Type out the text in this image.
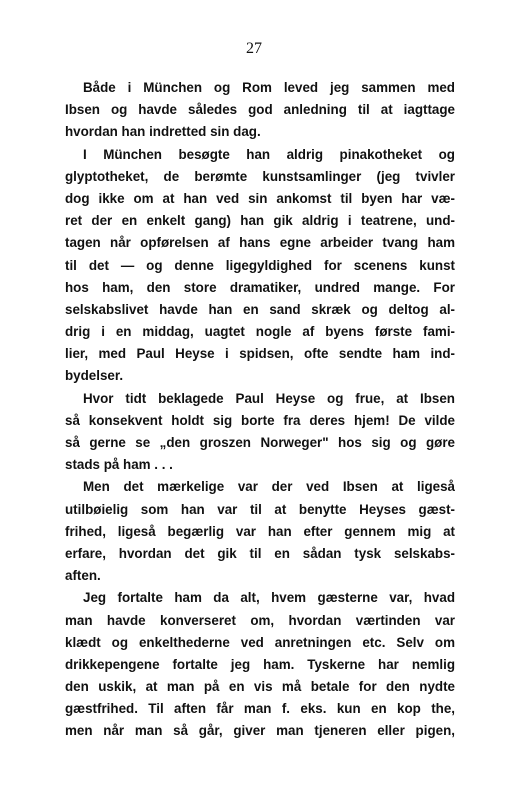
27
Både i München og Rom leved jeg sammen med
Ibsen og havde således god anledning til at iagttage
hvordan han indretted sin dag.
I München besøgte han aldrig pinakotheket og
glyptotheket, de berømte kunstsamlinger (jeg tvivler
dog ikke om at han ved sin ankomst til byen har væ-
ret der en enkelt gang) han gik aldrig i teatrene, und-
tagen når opførelsen af hans egne arbeider tvang ham
til det — og denne ligegyldighed for scenens kunst
hos ham, den store dramatiker, undred mange. For
selskabslivet havde han en sand skræk og deltog al-
drig i en middag, uagtet nogle af byens første fami-
lier, med Paul Heyse i spidsen, ofte sendte ham ind-
bydelser.
Hvor tidt beklagede Paul Heyse og frue, at Ibsen
så konsekvent holdt sig borte fra deres hjem! De vilde
så gerne se „den groszen Norweger" hos sig og gøre
stads på ham . . .
Men det mærkelige var der ved Ibsen at ligeså
utilbøielig som han var til at benytte Heyses gæst-
frihed, ligeså begærlig var han efter gennem mig at
erfare, hvordan det gik til en sådan tysk selskabs-
aften.
Jeg fortalte ham da alt, hvem gæsterne var, hvad
man havde konverseret om, hvordan værtinden var
klædt og enkelthederne ved anretningen etc. Selv om
drikkepengene fortalte jeg ham. Tyskerne har nemlig
den uskik, at man på en vis må betale for den nydte
gæstfrihed. Til aften får man f. eks. kun en kop the,
men når man så går, giver man tjeneren eller pigen,
